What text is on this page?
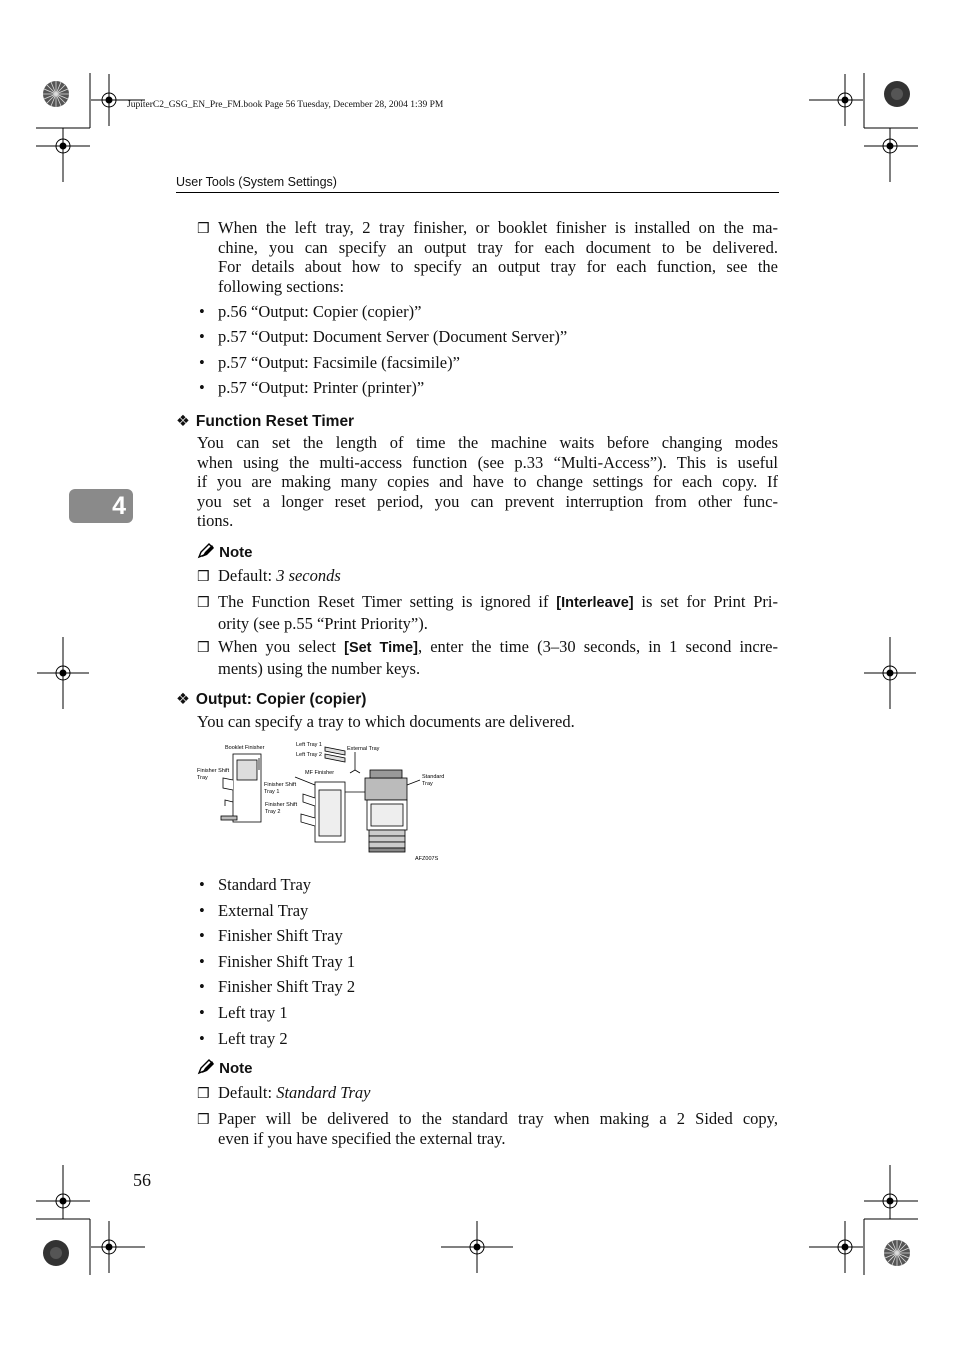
JupiterC2_GSG_EN_Pre_FM.book Page 56 Tuesday, December 28, 2004 1:39 PM
User Tools (System Settings)
4
❒ When the left tray, 2 tray finisher, or booklet finisher is installed on the ma-
chine, you can specify an output tray for each document to be delivered.
For details about how to specify an output tray for each function, see the
following sections:
• p.56 “Output: Copier (copier)”
• p.57 “Output: Document Server (Document Server)”
• p.57 “Output: Facsimile (facsimile)”
• p.57 “Output: Printer (printer)”
❖ Function Reset Timer
You can set the length of time the machine waits before changing modes
when using the multi-access function (see p.33 “Multi-Access”). This is useful
if you are making many copies and have to change settings for each copy. If
you set a longer reset period, you can prevent interruption from other func-
tions.
Note
❒ Default: 3 seconds
❒ The Function Reset Timer setting is ignored if [Interleave] is set for Print Pri-
ority (see p.55 “Print Priority”).
❒ When you select [Set Time], enter the time (3–30 seconds, in 1 second incre-
ments) using the number keys.
❖ Output: Copier (copier)
You can specify a tray to which documents are delivered.
Booklet Finisher	Left Tray 1
Left Tray 2
External Tray
Finisher Shift
Tray
MF Finisher
Finisher Shift
Tray 1
Finisher Shift
Tray 2
Standard
Tray
AFZ007S
• Standard Tray
• External Tray
• Finisher Shift Tray
• Finisher Shift Tray 1
• Finisher Shift Tray 2
• Left tray 1
• Left tray 2
Note
❒ Default: Standard Tray
❒ Paper will be delivered to the standard tray when making a 2 Sided copy,
even if you have specified the external tray.
56
